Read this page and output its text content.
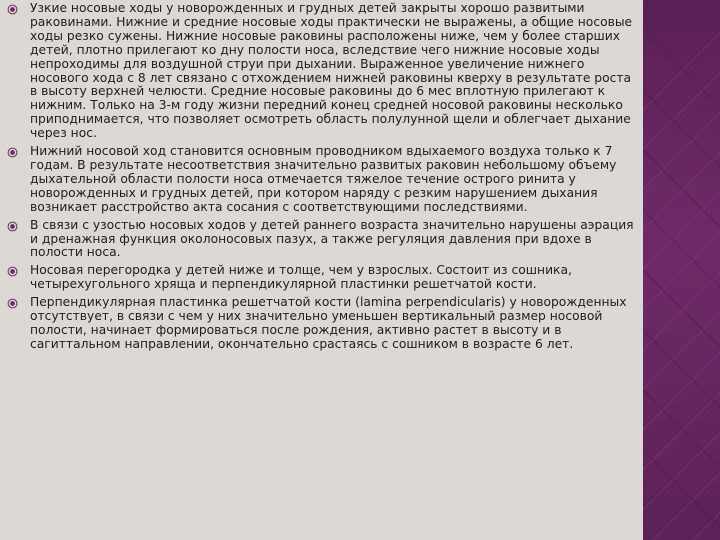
Узкие носовые ходы у новорожденных и грудных детей закрыты хорошо развитыми раковинами. Нижние и средние носовые ходы практически не выражены, а общие носовые ходы резко сужены. Нижние носовые раковины расположены ниже, чем у более старших детей, плотно прилегают ко дну полости носа, вследствие чего нижние носовые ходы непроходимы для воздушной струи при дыхании. Выраженное увеличение нижнего носового хода с 8 лет связано с отхождением нижней раковины кверху в результате роста в высоту верхней челюсти. Средние носовые раковины до 6 мес вплотную прилегают к нижним. Только на 3-м году жизни передний конец средней носовой раковины несколько приподнимается, что позволяет осмотреть область полулунной щели и облегчает дыхание через нос.
Нижний носовой ход становится основным проводником вдыхаемого воздуха только к 7 годам. В результате несоответствия значительно развитых раковин небольшому объему дыхательной области полости носа отмечается тяжелое течение острого ринита у новорожденных и грудных детей, при котором наряду с резким нарушением дыхания возникает расстройство акта сосания с соответствующими последствиями.
В связи с узостью носовых ходов у детей раннего возраста значительно нарушены аэрация и дренажная функция околоносовых пазух, а также регуляция давления при вдохе в полости носа.
Носовая перегородка у детей ниже и толще, чем у взрослых. Состоит из сошника, четырехугольного хряща и перпендикулярной пластинки решетчатой кости.
Перпендикулярная пластинка решетчатой кости (lamina perpendicularis) у новорожденных отсутствует, в связи с чем у них значительно уменьшен вертикальный размер носовой полости, начинает формироваться после рождения, активно растет в высоту и в сагиттальном направлении, окончательно срастаясь с сошником в возрасте 6 лет.
